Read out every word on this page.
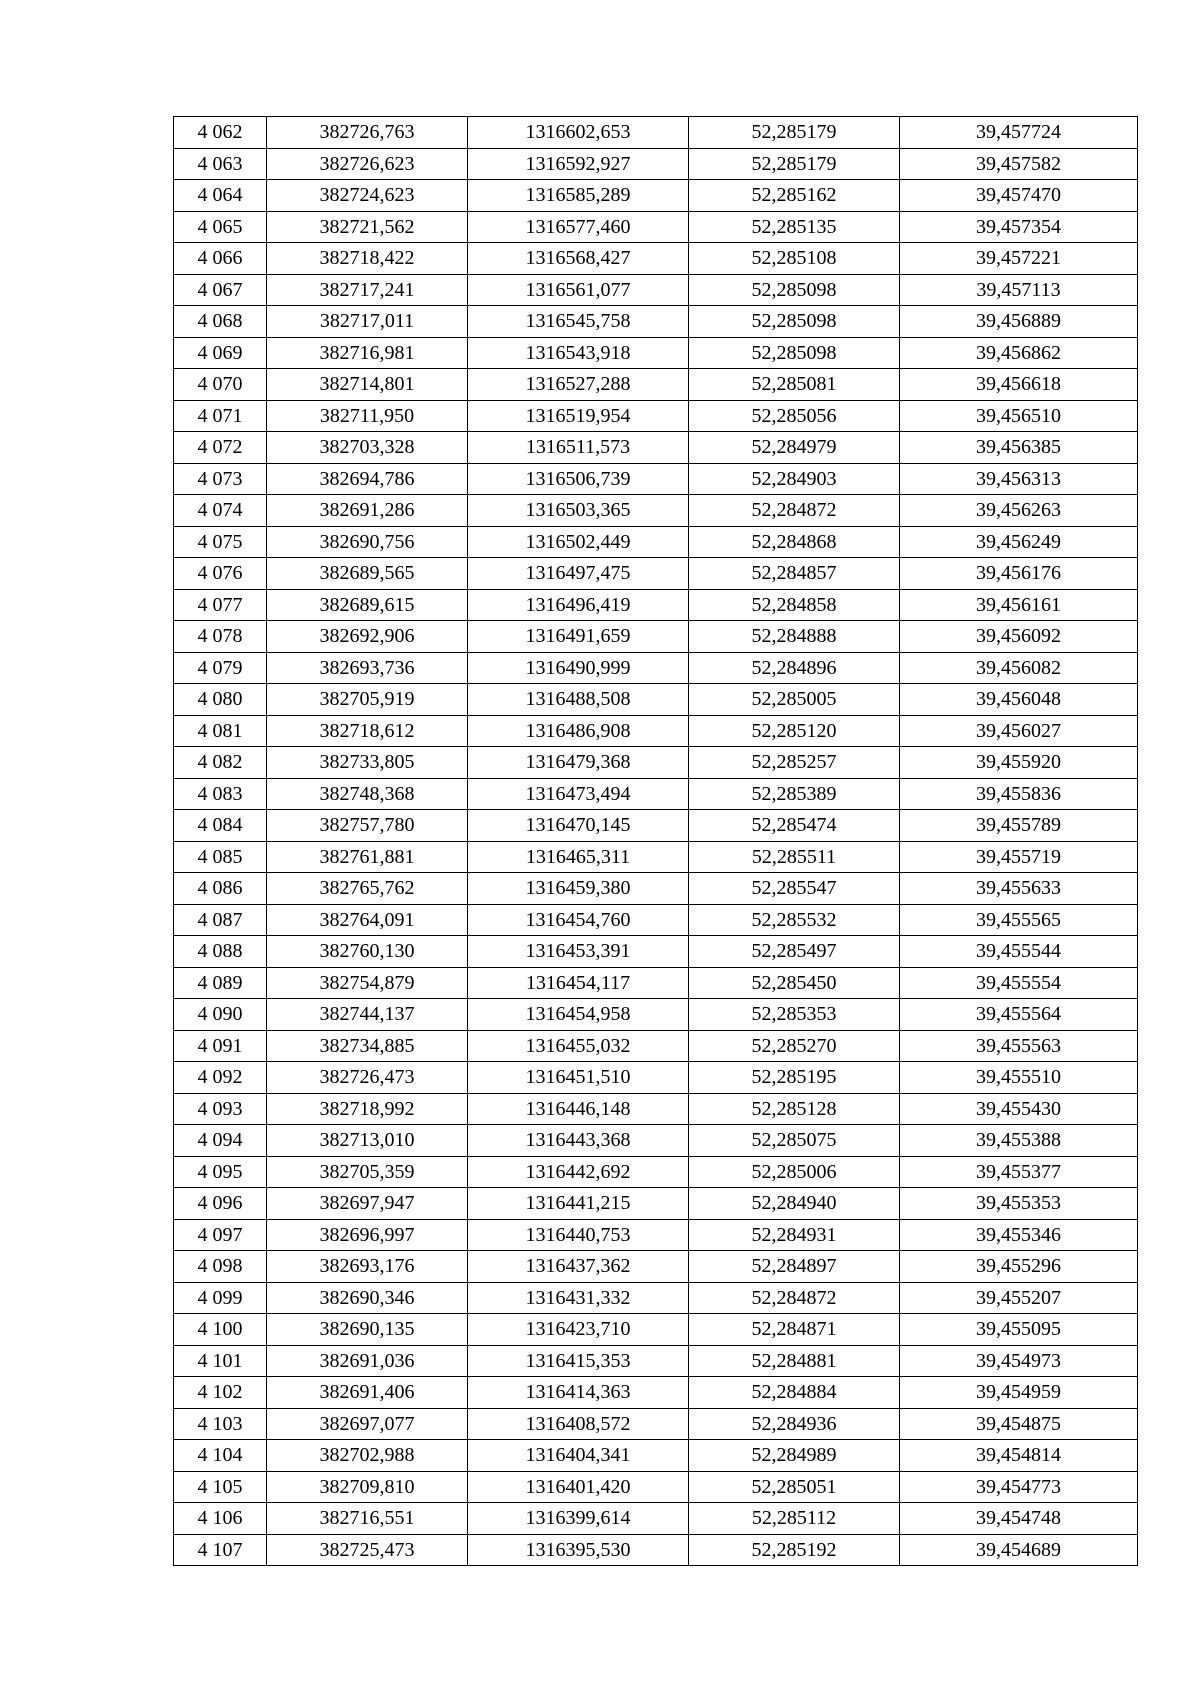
4 062	382726,763	1316602,653	52,285179	39,457724
4 063	382726,623	1316592,927	52,285179	39,457582
4 064	382724,623	1316585,289	52,285162	39,457470
4 065	382721,562	1316577,460	52,285135	39,457354
4 066	382718,422	1316568,427	52,285108	39,457221
4 067	382717,241	1316561,077	52,285098	39,457113
4 068	382717,011	1316545,758	52,285098	39,456889
4 069	382716,981	1316543,918	52,285098	39,456862
4 070	382714,801	1316527,288	52,285081	39,456618
4 071	382711,950	1316519,954	52,285056	39,456510
4 072	382703,328	1316511,573	52,284979	39,456385
4 073	382694,786	1316506,739	52,284903	39,456313
4 074	382691,286	1316503,365	52,284872	39,456263
4 075	382690,756	1316502,449	52,284868	39,456249
4 076	382689,565	1316497,475	52,284857	39,456176
4 077	382689,615	1316496,419	52,284858	39,456161
4 078	382692,906	1316491,659	52,284888	39,456092
4 079	382693,736	1316490,999	52,284896	39,456082
4 080	382705,919	1316488,508	52,285005	39,456048
4 081	382718,612	1316486,908	52,285120	39,456027
4 082	382733,805	1316479,368	52,285257	39,455920
4 083	382748,368	1316473,494	52,285389	39,455836
4 084	382757,780	1316470,145	52,285474	39,455789
4 085	382761,881	1316465,311	52,285511	39,455719
4 086	382765,762	1316459,380	52,285547	39,455633
4 087	382764,091	1316454,760	52,285532	39,455565
4 088	382760,130	1316453,391	52,285497	39,455544
4 089	382754,879	1316454,117	52,285450	39,455554
4 090	382744,137	1316454,958	52,285353	39,455564
4 091	382734,885	1316455,032	52,285270	39,455563
4 092	382726,473	1316451,510	52,285195	39,455510
4 093	382718,992	1316446,148	52,285128	39,455430
4 094	382713,010	1316443,368	52,285075	39,455388
4 095	382705,359	1316442,692	52,285006	39,455377
4 096	382697,947	1316441,215	52,284940	39,455353
4 097	382696,997	1316440,753	52,284931	39,455346
4 098	382693,176	1316437,362	52,284897	39,455296
4 099	382690,346	1316431,332	52,284872	39,455207
4 100	382690,135	1316423,710	52,284871	39,455095
4 101	382691,036	1316415,353	52,284881	39,454973
4 102	382691,406	1316414,363	52,284884	39,454959
4 103	382697,077	1316408,572	52,284936	39,454875
4 104	382702,988	1316404,341	52,284989	39,454814
4 105	382709,810	1316401,420	52,285051	39,454773
4 106	382716,551	1316399,614	52,285112	39,454748
4 107	382725,473	1316395,530	52,285192	39,454689
